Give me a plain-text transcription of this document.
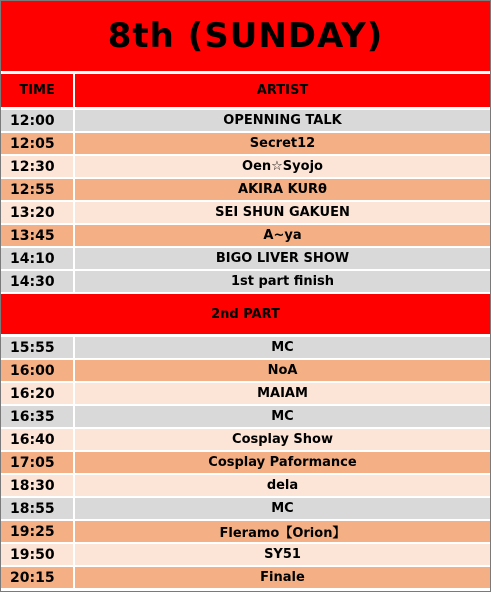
8th (SUNDAY)
TIME	ARTIST
12:00	OPENNING TALK
12:05	Secret12
12:30	Oen☆Syojo
12:55	AKIRA KURθ
13:20	SEI SHUN GAKUEN
13:45	A~ya
14:10	BIGO LIVER SHOW
14:30	1st part finish
2nd PART
15:55	MC
16:00	NoA
16:20	MAIAM
16:35	MC
16:40	Cosplay Show
17:05	Cosplay Paformance
18:30	dela
18:55	MC
19:25	Fleramo【Orion】
19:50	SY51
20:15	Finale
